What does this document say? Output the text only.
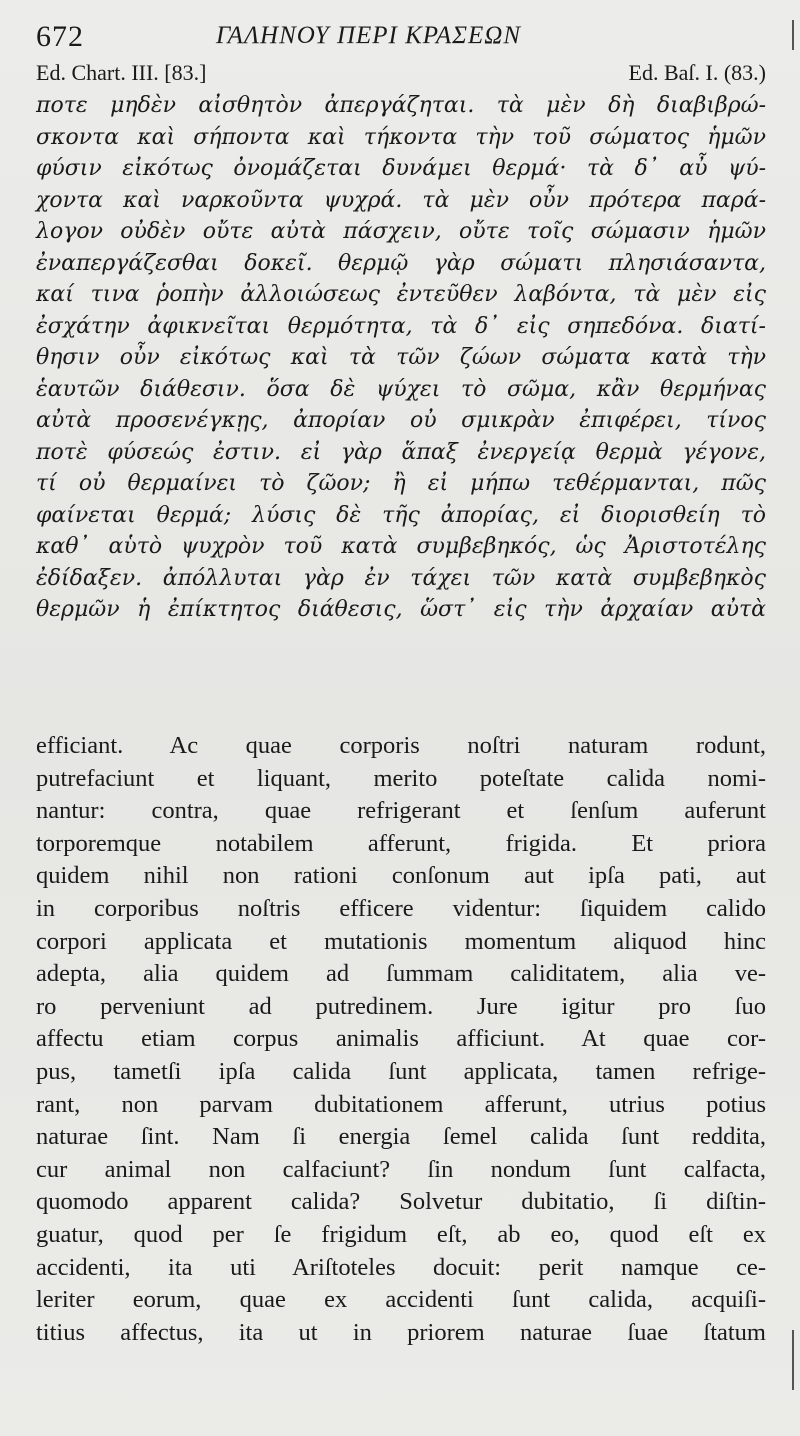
672	ΓΑΛΗΝΟΥ ΠΕΡΙ ΚΡΑΣΕΩΝ
Ed. Chart. III. [83.]	Ed. Baſ. I. (83.)
ποτε μηδὲν αἰσθητὸν ἀπεργάζηται. τὰ μὲν δὴ διαβιβρώ-
σκοντα καὶ σήποντα καὶ τήκοντα τὴν τοῦ σώματος ἡμῶν
φύσιν εἰκότως ὀνομάζεται δυνάμει θερμά· τὰ δ᾽ αὖ ψύ-
χοντα καὶ ναρκοῦντα ψυχρά. τὰ μὲν οὖν πρότερα παρά-
λογον οὐδὲν οὔτε αὐτὰ πάσχειν, οὔτε τοῖς σώμασιν ἡμῶν
ἐναπεργάζεσθαι δοκεῖ. θερμῷ γὰρ σώματι πλησιάσαντα,
καί τινα ῥοπὴν ἀλλοιώσεως ἐντεῦθεν λαβόντα, τὰ μὲν εἰς
ἐσχάτην ἀφικνεῖται θερμότητα, τὰ δ᾽ εἰς σηπεδόνα. διατί-
θησιν οὖν εἰκότως καὶ τὰ τῶν ζώων σώματα κατὰ τὴν
ἑαυτῶν διάθεσιν. ὅσα δὲ ψύχει τὸ σῶμα, κἂν θερμήνας
αὐτὰ προσενέγκῃς, ἀπορίαν οὐ σμικρὰν ἐπιφέρει, τίνος
ποτὲ φύσεώς ἐστιν. εἰ γὰρ ἅπαξ ἐνεργείᾳ θερμὰ γέγονε,
τί οὐ θερμαίνει τὸ ζῶον; ἢ εἰ μήπω τεθέρμανται, πῶς
φαίνεται θερμά; λύσις δὲ τῆς ἀπορίας, εἰ διορισθείη τὸ
καθ᾽ αὑτὸ ψυχρὸν τοῦ κατὰ συμβεβηκός, ὡς Ἀριστοτέλης
ἐδίδαξεν. ἀπόλλυται γὰρ ἐν τάχει τῶν κατὰ συμβεβηκὸς
θερμῶν ἡ ἐπίκτητος διάθεσις, ὥστ᾽ εἰς τὴν ἀρχαίαν αὐτὰ
efficiant. Ac quae corporis noſtri naturam rodunt,
putrefaciunt et liquant, merito poteſtate calida nomi-
nantur: contra, quae refrigerant et ſenſum auferunt
torporemque notabilem afferunt, frigida. Et priora
quidem nihil non rationi conſonum aut ipſa pati, aut
in corporibus noſtris efficere videntur: ſiquidem calido
corpori applicata et mutationis momentum aliquod hinc
adepta, alia quidem ad ſummam caliditatem, alia ve-
ro perveniunt ad putredinem. Jure igitur pro ſuo
affectu etiam corpus animalis afficiunt. At quae cor-
pus, tametſi ipſa calida ſunt applicata, tamen refrige-
rant, non parvam dubitationem afferunt, utrius potius
naturae ſint. Nam ſi energia ſemel calida ſunt reddita,
cur animal non calfaciunt? ſin nondum ſunt calfacta,
quomodo apparent calida? Solvetur dubitatio, ſi diſtin-
guatur, quod per ſe frigidum eſt, ab eo, quod eſt ex
accidenti, ita uti Ariſtoteles docuit: perit namque ce-
leriter eorum, quae ex accidenti ſunt calida, acquiſi-
titius affectus, ita ut in priorem naturae ſuae ſtatum
